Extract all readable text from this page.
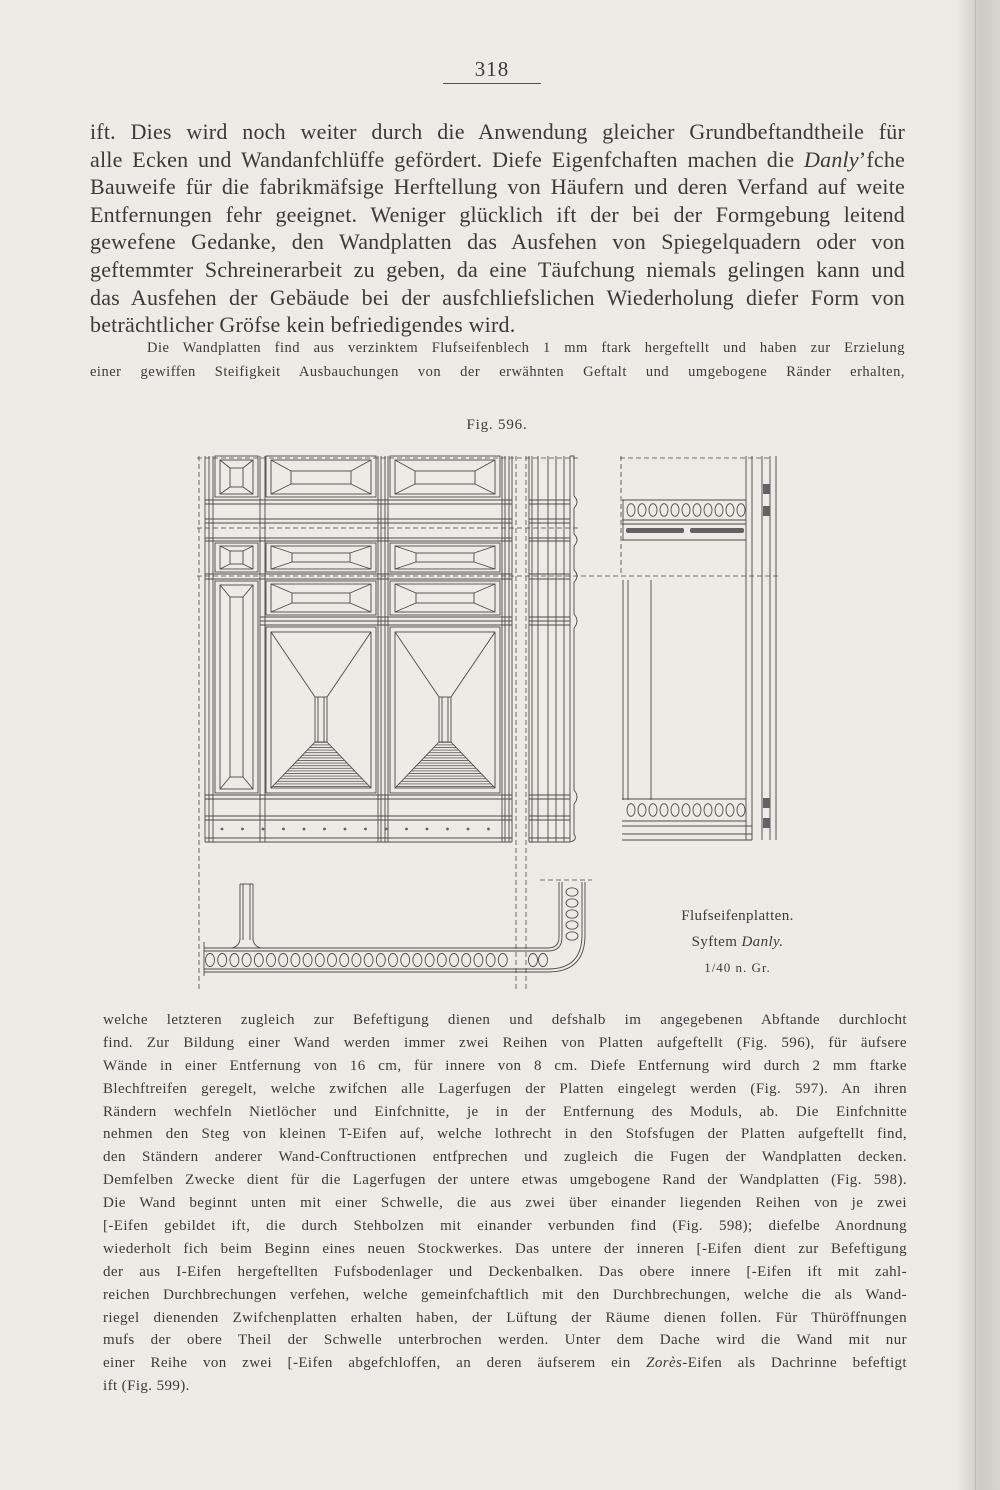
318
ift. Dies wird noch weiter durch die Anwendung gleicher Grundbeftandtheile für
alle Ecken und Wandanfchlüffe gefördert. Diefe Eigenfchaften machen die Danly’fche
Bauweife für die fabrikmäfsige Herftellung von Häufern und deren Verfand auf weite
Entfernungen fehr geeignet. Weniger glücklich ift der bei der Formgebung leitend
gewefene Gedanke, den Wandplatten das Ausfehen von Spiegelquadern oder von
geftemmter Schreinerarbeit zu geben, da eine Täufchung niemals gelingen kann und
das Ausfehen der Gebäude bei der ausfchliefslichen Wiederholung diefer Form von
beträchtlicher Gröfse kein befriedigendes wird.
Die Wandplatten find aus verzinktem Flufseifenblech 1 mm ftark hergeftellt und haben zur Erzielung
einer gewiffen Steifigkeit Ausbauchungen von der erwähnten Geftalt und umgebogene Ränder erhalten,
Fig. 596.
Flufseifenplatten.
Syftem Danly.
1/40 n. Gr.
welche letzteren zugleich zur Befeftigung dienen und defshalb im angegebenen Abftande durchlocht
find. Zur Bildung einer Wand werden immer zwei Reihen von Platten aufgeftellt (Fig. 596), für äufsere
Wände in einer Entfernung von 16 cm, für innere von 8 cm. Diefe Entfernung wird durch 2 mm ftarke
Blechftreifen geregelt, welche zwifchen alle Lagerfugen der Platten eingelegt werden (Fig. 597). An ihren
Rändern wechfeln Nietlöcher und Einfchnitte, je in der Entfernung des Moduls, ab. Die Einfchnitte
nehmen den Steg von kleinen T-Eifen auf, welche lothrecht in den Stofsfugen der Platten aufgeftellt find,
den Ständern anderer Wand-Conftructionen entfprechen und zugleich die Fugen der Wandplatten decken.
Demfelben Zwecke dient für die Lagerfugen der untere etwas umgebogene Rand der Wandplatten (Fig. 598).
Die Wand beginnt unten mit einer Schwelle, die aus zwei über einander liegenden Reihen von je zwei
[-Eifen gebildet ift, die durch Stehbolzen mit einander verbunden find (Fig. 598); diefelbe Anordnung
wiederholt fich beim Beginn eines neuen Stockwerkes. Das untere der inneren [-Eifen dient zur Befeftigung
der aus I-Eifen hergeftellten Fufsbodenlager und Deckenbalken. Das obere innere [-Eifen ift mit zahl-
reichen Durchbrechungen verfehen, welche gemeinfchaftlich mit den Durchbrechungen, welche die als Wand-
riegel dienenden Zwifchenplatten erhalten haben, der Lüftung der Räume dienen follen. Für Thüröffnungen
mufs der obere Theil der Schwelle unterbrochen werden. Unter dem Dache wird die Wand mit nur
einer Reihe von zwei [-Eifen abgefchloffen, an deren äufserem ein Zorès-Eifen als Dachrinne befeftigt
ift (Fig. 599).
